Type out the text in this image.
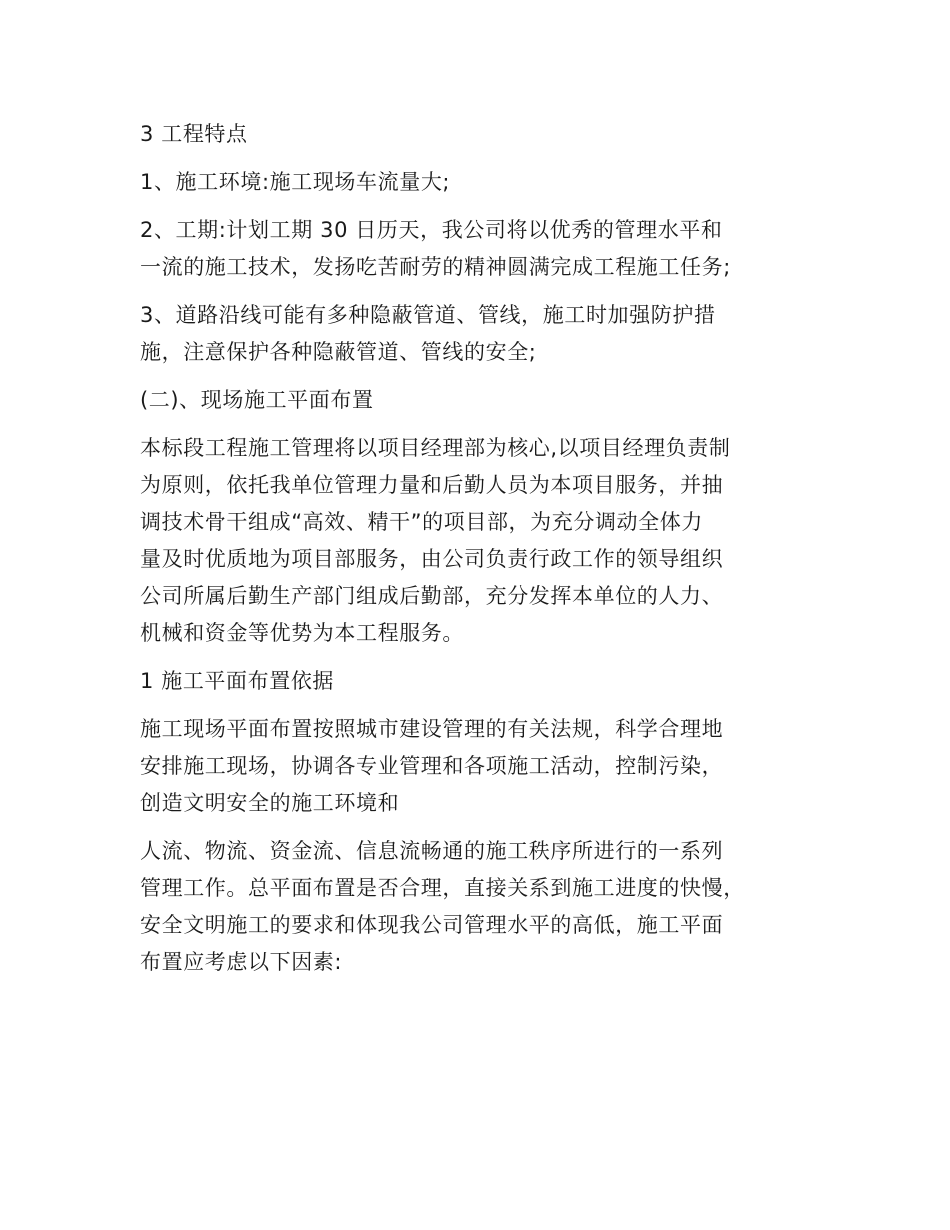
3 工程特点
1、施工环境:施工现场车流量大;
2、工期:计划工期 30 日历天，我公司将以优秀的管理水平和
一流的施工技术，发扬吃苦耐劳的精神圆满完成工程施工任务;
3、道路沿线可能有多种隐蔽管道、管线，施工时加强防护措
施，注意保护各种隐蔽管道、管线的安全;
(二)、现场施工平面布置
本标段工程施工管理将以项目经理部为核心,以项目经理负责制
为原则，依托我单位管理力量和后勤人员为本项目服务，并抽
调技术骨干组成“高效、精干”的项目部，为充分调动全体力
量及时优质地为项目部服务，由公司负责行政工作的领导组织
公司所属后勤生产部门组成后勤部，充分发挥本单位的人力、
机械和资金等优势为本工程服务。
1 施工平面布置依据
施工现场平面布置按照城市建设管理的有关法规，科学合理地
安排施工现场，协调各专业管理和各项施工活动，控制污染，
创造文明安全的施工环境和
人流、物流、资金流、信息流畅通的施工秩序所进行的一系列
管理工作。总平面布置是否合理，直接关系到施工进度的快慢，
安全文明施工的要求和体现我公司管理水平的高低，施工平面
布置应考虑以下因素:
